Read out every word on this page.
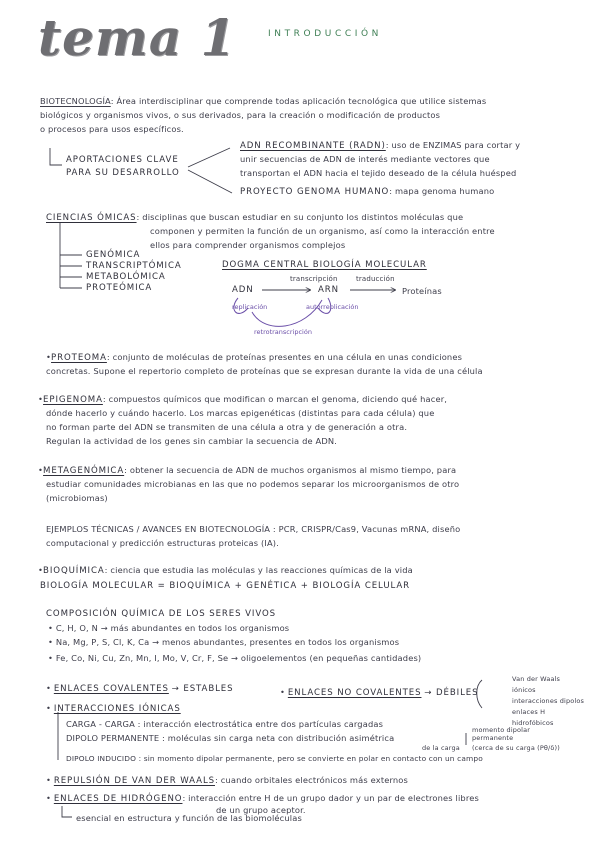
tema 1	INTRODUCCIÓN
BIOTECNOLOGÍA: Área interdisciplinar que comprende todas aplicación tecnológica que utilice sistemas
biológicos y organismos vivos, o sus derivados, para la creación o modificación de productos
o procesos para usos específicos.
APORTACIONES CLAVE
PARA SU DESARROLLO
ADN RECOMBINANTE (RADN): uso de ENZIMAS para cortar y
unir secuencias de ADN de interés mediante vectores que
transportan el ADN hacia el tejido deseado de la célula huésped
PROYECTO GENOMA HUMANO: mapa genoma humano
CIENCIAS ÓMICAS: disciplinas que buscan estudiar en su conjunto los distintos moléculas que
componen y permiten la función de un organismo, así como la interacción entre
ellos para comprender organismos complejos
GENÓMICA
TRANSCRIPTÓMICA
METABOLÓMICA
PROTEÓMICA
DOGMA CENTRAL BIOLOGÍA MOLECULAR
transcripción	traducción
ADN	ARN	Proteínas
replicación	autorreplicación
retrotranscripción
•PROTEOMA: conjunto de moléculas de proteínas presentes en una célula en unas condiciones
concretas. Supone el repertorio completo de proteínas que se expresan durante la vida de una célula
•EPIGENOMA: compuestos químicos que modifican o marcan el genoma, diciendo qué hacer,
dónde hacerlo y cuándo hacerlo. Los marcas epigenéticas (distintas para cada célula) que
no forman parte del ADN se transmiten de una célula a otra y de generación a otra.
Regulan la actividad de los genes sin cambiar la secuencia de ADN.
•METAGENÓMICA: obtener la secuencia de ADN de muchos organismos al mismo tiempo, para
estudiar comunidades microbianas en las que no podemos separar los microorganismos de otro
(microbiomas)
EJEMPLOS TÉCNICAS / AVANCES EN BIOTECNOLOGÍA : PCR, CRISPR/Cas9, Vacunas mRNA, diseño
computacional y predicción estructuras proteicas (IA).
•BIOQUÍMICA: ciencia que estudia las moléculas y las reacciones químicas de la vida
BIOLOGÍA MOLECULAR = BIOQUÍMICA + GENÉTICA + BIOLOGÍA CELULAR
COMPOSICIÓN QUÍMICA DE LOS SERES VIVOS
• C, H, O, N → más abundantes en todos los organismos
• Na, Mg, P, S, Cl, K, Ca → menos abundantes, presentes en todos los organismos
• Fe, Co, Ni, Cu, Zn, Mn, I, Mo, V, Cr, F, Se → oligoelementos (en pequeñas cantidades)
• ENLACES COVALENTES → ESTABLES	• ENLACES NO COVALENTES → DÉBILES
Van der Waals
iónicos
interacciones dipolos
enlaces H
hidrofóbicos
• INTERACCIONES IÓNICAS
CARGA - CARGA : interacción electrostática entre dos partículas cargadas
DIPOLO PERMANENTE : moléculas sin carga neta con distribución asimétrica
momento dipolar
permanente
(cerca de su carga (Pθ/δ))
de la carga
DIPOLO INDUCIDO : sin momento dipolar permanente, pero se convierte en polar en contacto con un campo
• REPULSIÓN DE VAN DER WAALS: cuando orbitales electrónicos más externos
• ENLACES DE HIDRÓGENO: interacción entre H de un grupo dador y un par de electrones libres
de un grupo aceptor.
esencial en estructura y función de las biomoléculas
